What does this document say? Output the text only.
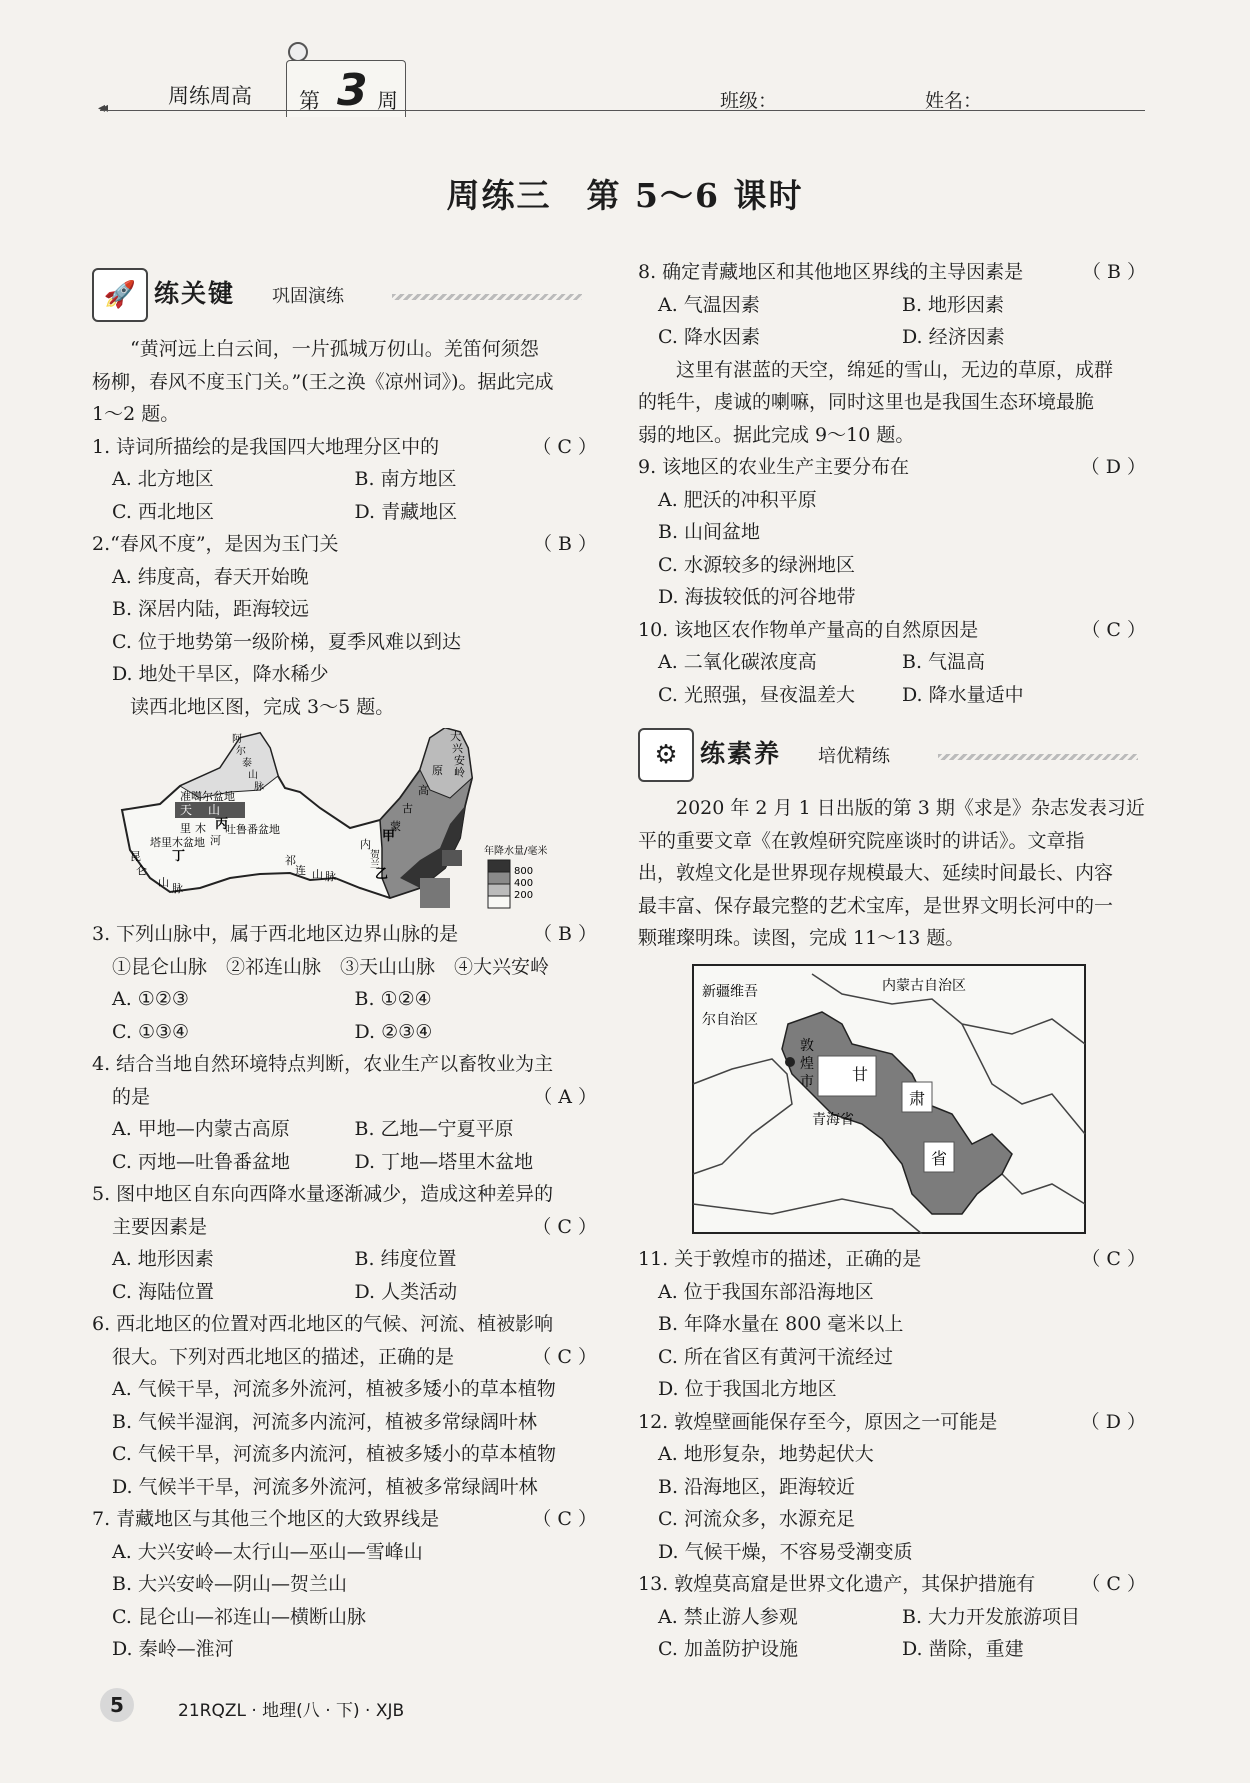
◂◂	周练周高 第 3 周	班级：	姓名：
周练三　第 5～6 课时
🚀 练关键 巩固演练
“黄河远上白云间，一片孤城万仞山。羌笛何须怨
杨柳，春风不度玉门关。”(王之涣《凉州词》)。据此完成
1～2 题。
1. 诗词所描绘的是我国四大地理分区中的	（ C ）
A. 北方地区	B. 南方地区
C. 西北地区	D. 青藏地区
2.“春风不度”，是因为玉门关	（ B ）
A. 纬度高，春天开始晚
B. 深居内陆，距海较远
C. 位于地势第一级阶梯，夏季风难以到达
D. 地处干旱区，降水稀少
读西北地区图，完成 3～5 题。
准噶尔盆地
天 山
吐鲁番盆地
塔里木盆地
里 木
河
丙
丁
昆
仑
山 脉
祁
连 山 脉
阿
尔
泰
山
脉
大
兴
安
岭
原
高
古
蒙
内
甲
乙
贺
兰
年降水量/毫米
800
400
200
3. 下列山脉中，属于西北地区边界山脉的是	（ B ）
①昆仑山脉　②祁连山脉　③天山山脉　④大兴安岭
A. ①②③	B. ①②④
C. ①③④	D. ②③④
4. 结合当地自然环境特点判断，农业生产以畜牧业为主
的是	（ A ）
A. 甲地—内蒙古高原	B. 乙地—宁夏平原
C. 丙地—吐鲁番盆地	D. 丁地—塔里木盆地
5. 图中地区自东向西降水量逐渐减少，造成这种差异的
主要因素是	（ C ）
A. 地形因素	B. 纬度位置
C. 海陆位置	D. 人类活动
6. 西北地区的位置对西北地区的气候、河流、植被影响
很大。下列对西北地区的描述，正确的是	（ C ）
A. 气候干旱，河流多外流河，植被多矮小的草本植物
B. 气候半湿润，河流多内流河，植被多常绿阔叶林
C. 气候干旱，河流多内流河，植被多矮小的草本植物
D. 气候半干旱，河流多外流河，植被多常绿阔叶林
7. 青藏地区与其他三个地区的大致界线是	（ C ）
A. 大兴安岭—太行山—巫山—雪峰山
B. 大兴安岭—阴山—贺兰山
C. 昆仑山—祁连山—横断山脉
D. 秦岭—淮河
8. 确定青藏地区和其他地区界线的主导因素是	（ B ）
A. 气温因素	B. 地形因素
C. 降水因素	D. 经济因素
这里有湛蓝的天空，绵延的雪山，无边的草原，成群
的牦牛，虔诚的喇嘛，同时这里也是我国生态环境最脆
弱的地区。据此完成 9～10 题。
9. 该地区的农业生产主要分布在	（ D ）
A. 肥沃的冲积平原
B. 山间盆地
C. 水源较多的绿洲地区
D. 海拔较低的河谷地带
10. 该地区农作物单产量高的自然原因是	（ C ）
A. 二氧化碳浓度高	B. 气温高
C. 光照强，昼夜温差大	D. 降水量适中
⚙ 练素养 培优精练
2020 年 2 月 1 日出版的第 3 期《求是》杂志发表习近
平的重要文章《在敦煌研究院座谈时的讲话》。文章指
出，敦煌文化是世界现存规模最大、延续时间最长、内容
最丰富、保存最完整的艺术宝库，是世界文明长河中的一
颗璀璨明珠。读图，完成 11～13 题。
新疆维吾
尔自治区
内蒙古自治区
敦
煌
市 甘
肃
省
青海省
11. 关于敦煌市的描述，正确的是	（ C ）
A. 位于我国东部沿海地区
B. 年降水量在 800 毫米以上
C. 所在省区有黄河干流经过
D. 位于我国北方地区
12. 敦煌壁画能保存至今，原因之一可能是	（ D ）
A. 地形复杂，地势起伏大
B. 沿海地区，距海较近
C. 河流众多，水源充足
D. 气候干燥，不容易受潮变质
13. 敦煌莫高窟是世界文化遗产，其保护措施有	（ C ）
A. 禁止游人参观	B. 大力开发旅游项目
C. 加盖防护设施	D. 凿除，重建
5	21RQZL · 地理(八 · 下) · XJB
